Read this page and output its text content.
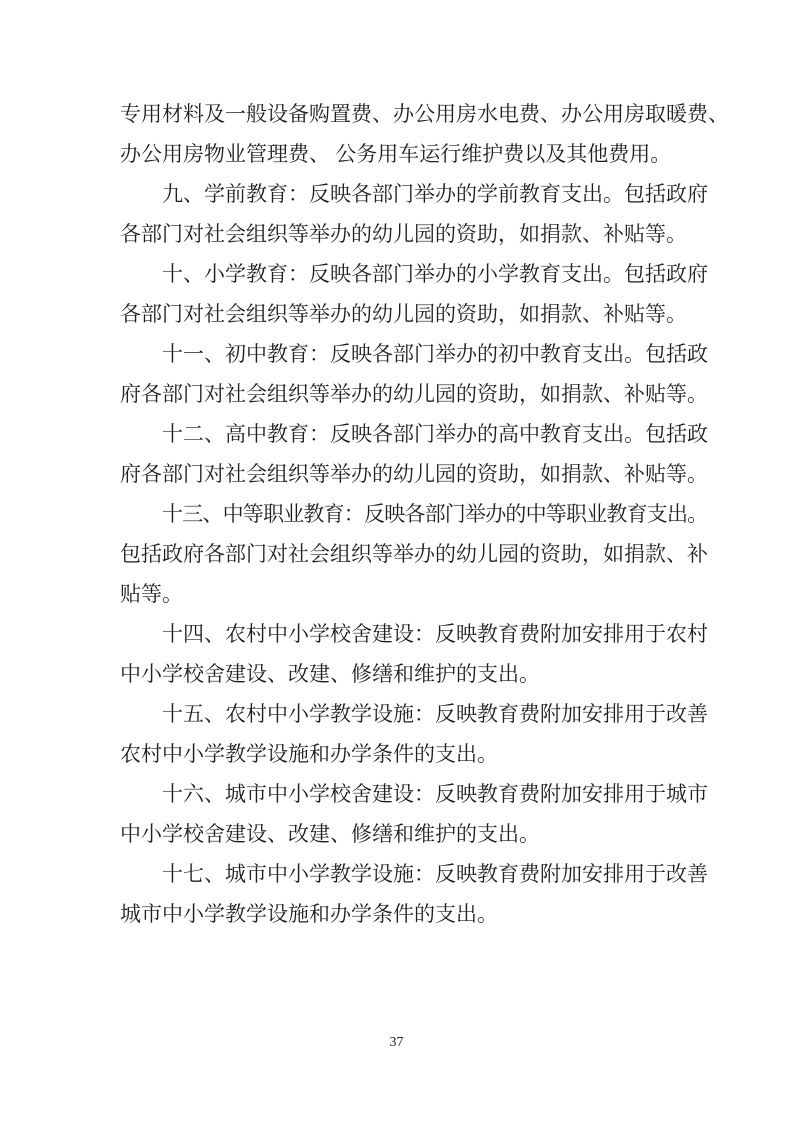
专用材料及一般设备购置费、办公用房水电费、办公用房取暖费、
办公用房物业管理费、 公务用车运行维护费以及其他费用。
九、学前教育：反映各部门举办的学前教育支出。包括政府
各部门对社会组织等举办的幼儿园的资助，如捐款、补贴等。
十、小学教育：反映各部门举办的小学教育支出。包括政府
各部门对社会组织等举办的幼儿园的资助，如捐款、补贴等。
十一、初中教育：反映各部门举办的初中教育支出。包括政
府各部门对社会组织等举办的幼儿园的资助，如捐款、补贴等。
十二、高中教育：反映各部门举办的高中教育支出。包括政
府各部门对社会组织等举办的幼儿园的资助，如捐款、补贴等。
十三、中等职业教育：反映各部门举办的中等职业教育支出。
包括政府各部门对社会组织等举办的幼儿园的资助，如捐款、补
贴等。
十四、农村中小学校舍建设：反映教育费附加安排用于农村
中小学校舍建设、改建、修缮和维护的支出。
十五、农村中小学教学设施：反映教育费附加安排用于改善
农村中小学教学设施和办学条件的支出。
十六、城市中小学校舍建设：反映教育费附加安排用于城市
中小学校舍建设、改建、修缮和维护的支出。
十七、城市中小学教学设施：反映教育费附加安排用于改善
城市中小学教学设施和办学条件的支出。
37
